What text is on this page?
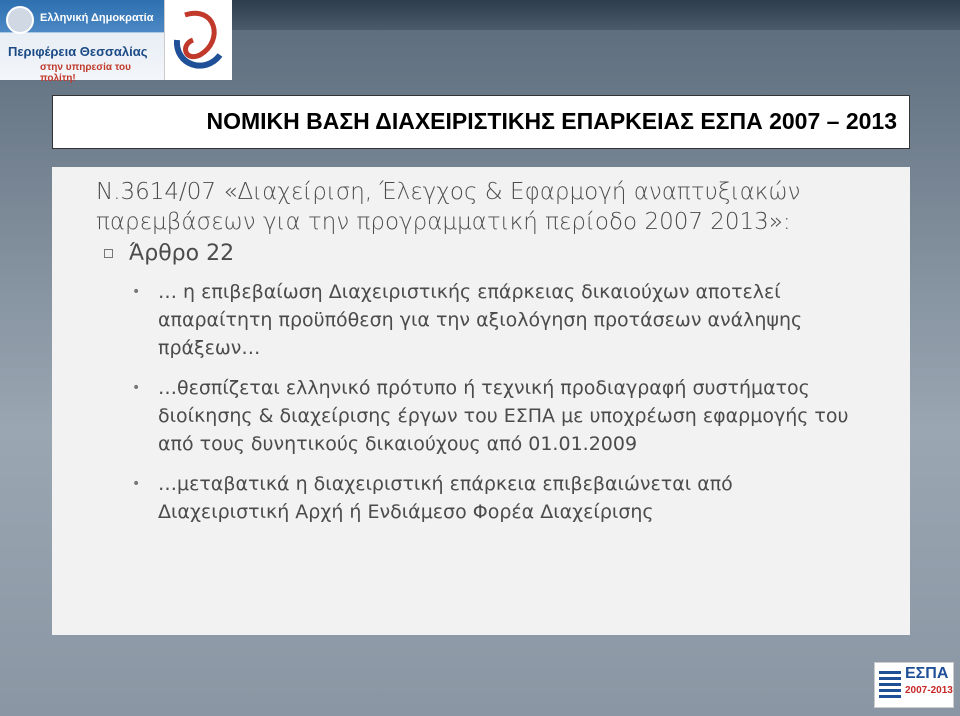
Ελληνική Δημοκρατία
Περιφέρεια Θεσσαλίας
στην υπηρεσία του πολίτη!
ΝΟΜΙΚΗ ΒΑΣΗ ΔΙΑΧΕΙΡΙΣΤΙΚΗΣ ΕΠΑΡΚΕΙΑΣ ΕΣΠΑ 2007 – 2013
Ν.3614/07 «Διαχείριση, Έλεγχος & Εφαρμογή αναπτυξιακών παρεμβάσεων για την προγραμματική περίοδο 2007 2013»:
Άρθρο 22
• … η επιβεβαίωση Διαχειριστικής επάρκειας δικαιούχων αποτελεί απαραίτητη προϋπόθεση για την αξιολόγηση προτάσεων ανάληψης πράξεων…
• …θεσπίζεται ελληνικό πρότυπο ή τεχνική προδιαγραφή συστήματος διοίκησης & διαχείρισης έργων του ΕΣΠΑ με υποχρέωση εφαρμογής του από τους δυνητικούς δικαιούχους από 01.01.2009
• …μεταβατικά η διαχειριστική επάρκεια επιβεβαιώνεται από Διαχειριστική Αρχή ή Ενδιάμεσο Φορέα Διαχείρισης
ΕΣΠΑ
2007-2013
